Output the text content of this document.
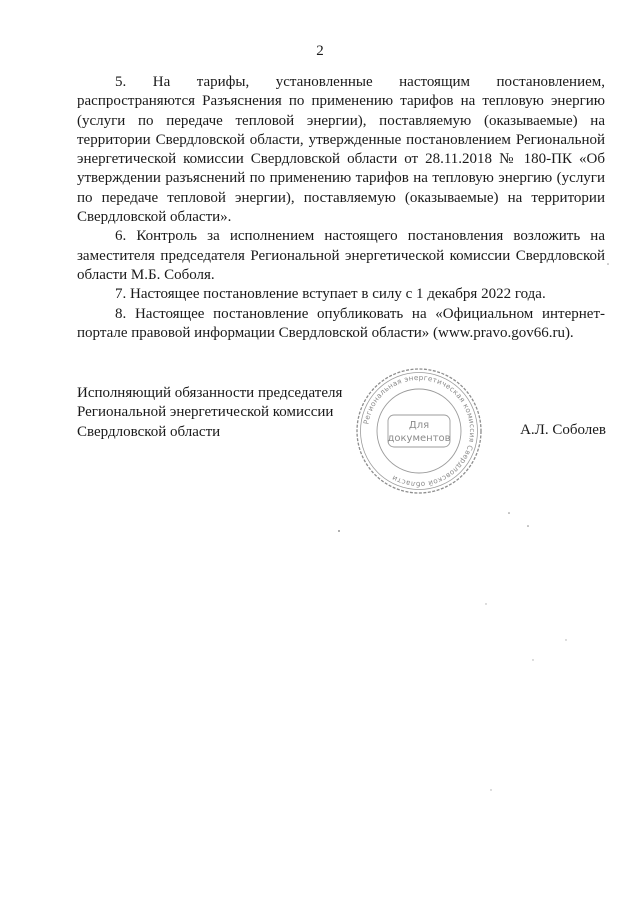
2

5. На тарифы, установленные настоящим постановлением, распространяются Разъяснения по применению тарифов на тепловую энергию (услуги по передаче тепловой энергии), поставляемую (оказываемые) на территории Свердловской области, утвержденные постановлением Региональной энергетической комиссии Свердловской области от 28.11.2018 № 180-ПК «Об утверждении разъяснений по применению тарифов на тепловую энергию (услуги по передаче тепловой энергии), поставляемую (оказываемые) на территории Свердловской области».

6. Контроль за исполнением настоящего постановления возложить на заместителя председателя Региональной энергетической комиссии Свердловской области М.Б. Соболя.

7. Настоящее постановление вступает в силу с 1 декабря 2022 года.

8. Настоящее постановление опубликовать на «Официальном интернет-портале правовой информации Свердловской области» (www.pravo.gov66.ru).

Исполняющий обязанности председателя
Региональной энергетической комиссии
Свердловской области
Региональная энергетическая комиссия Свердловской области
Для
документов
А.Л. Соболев
